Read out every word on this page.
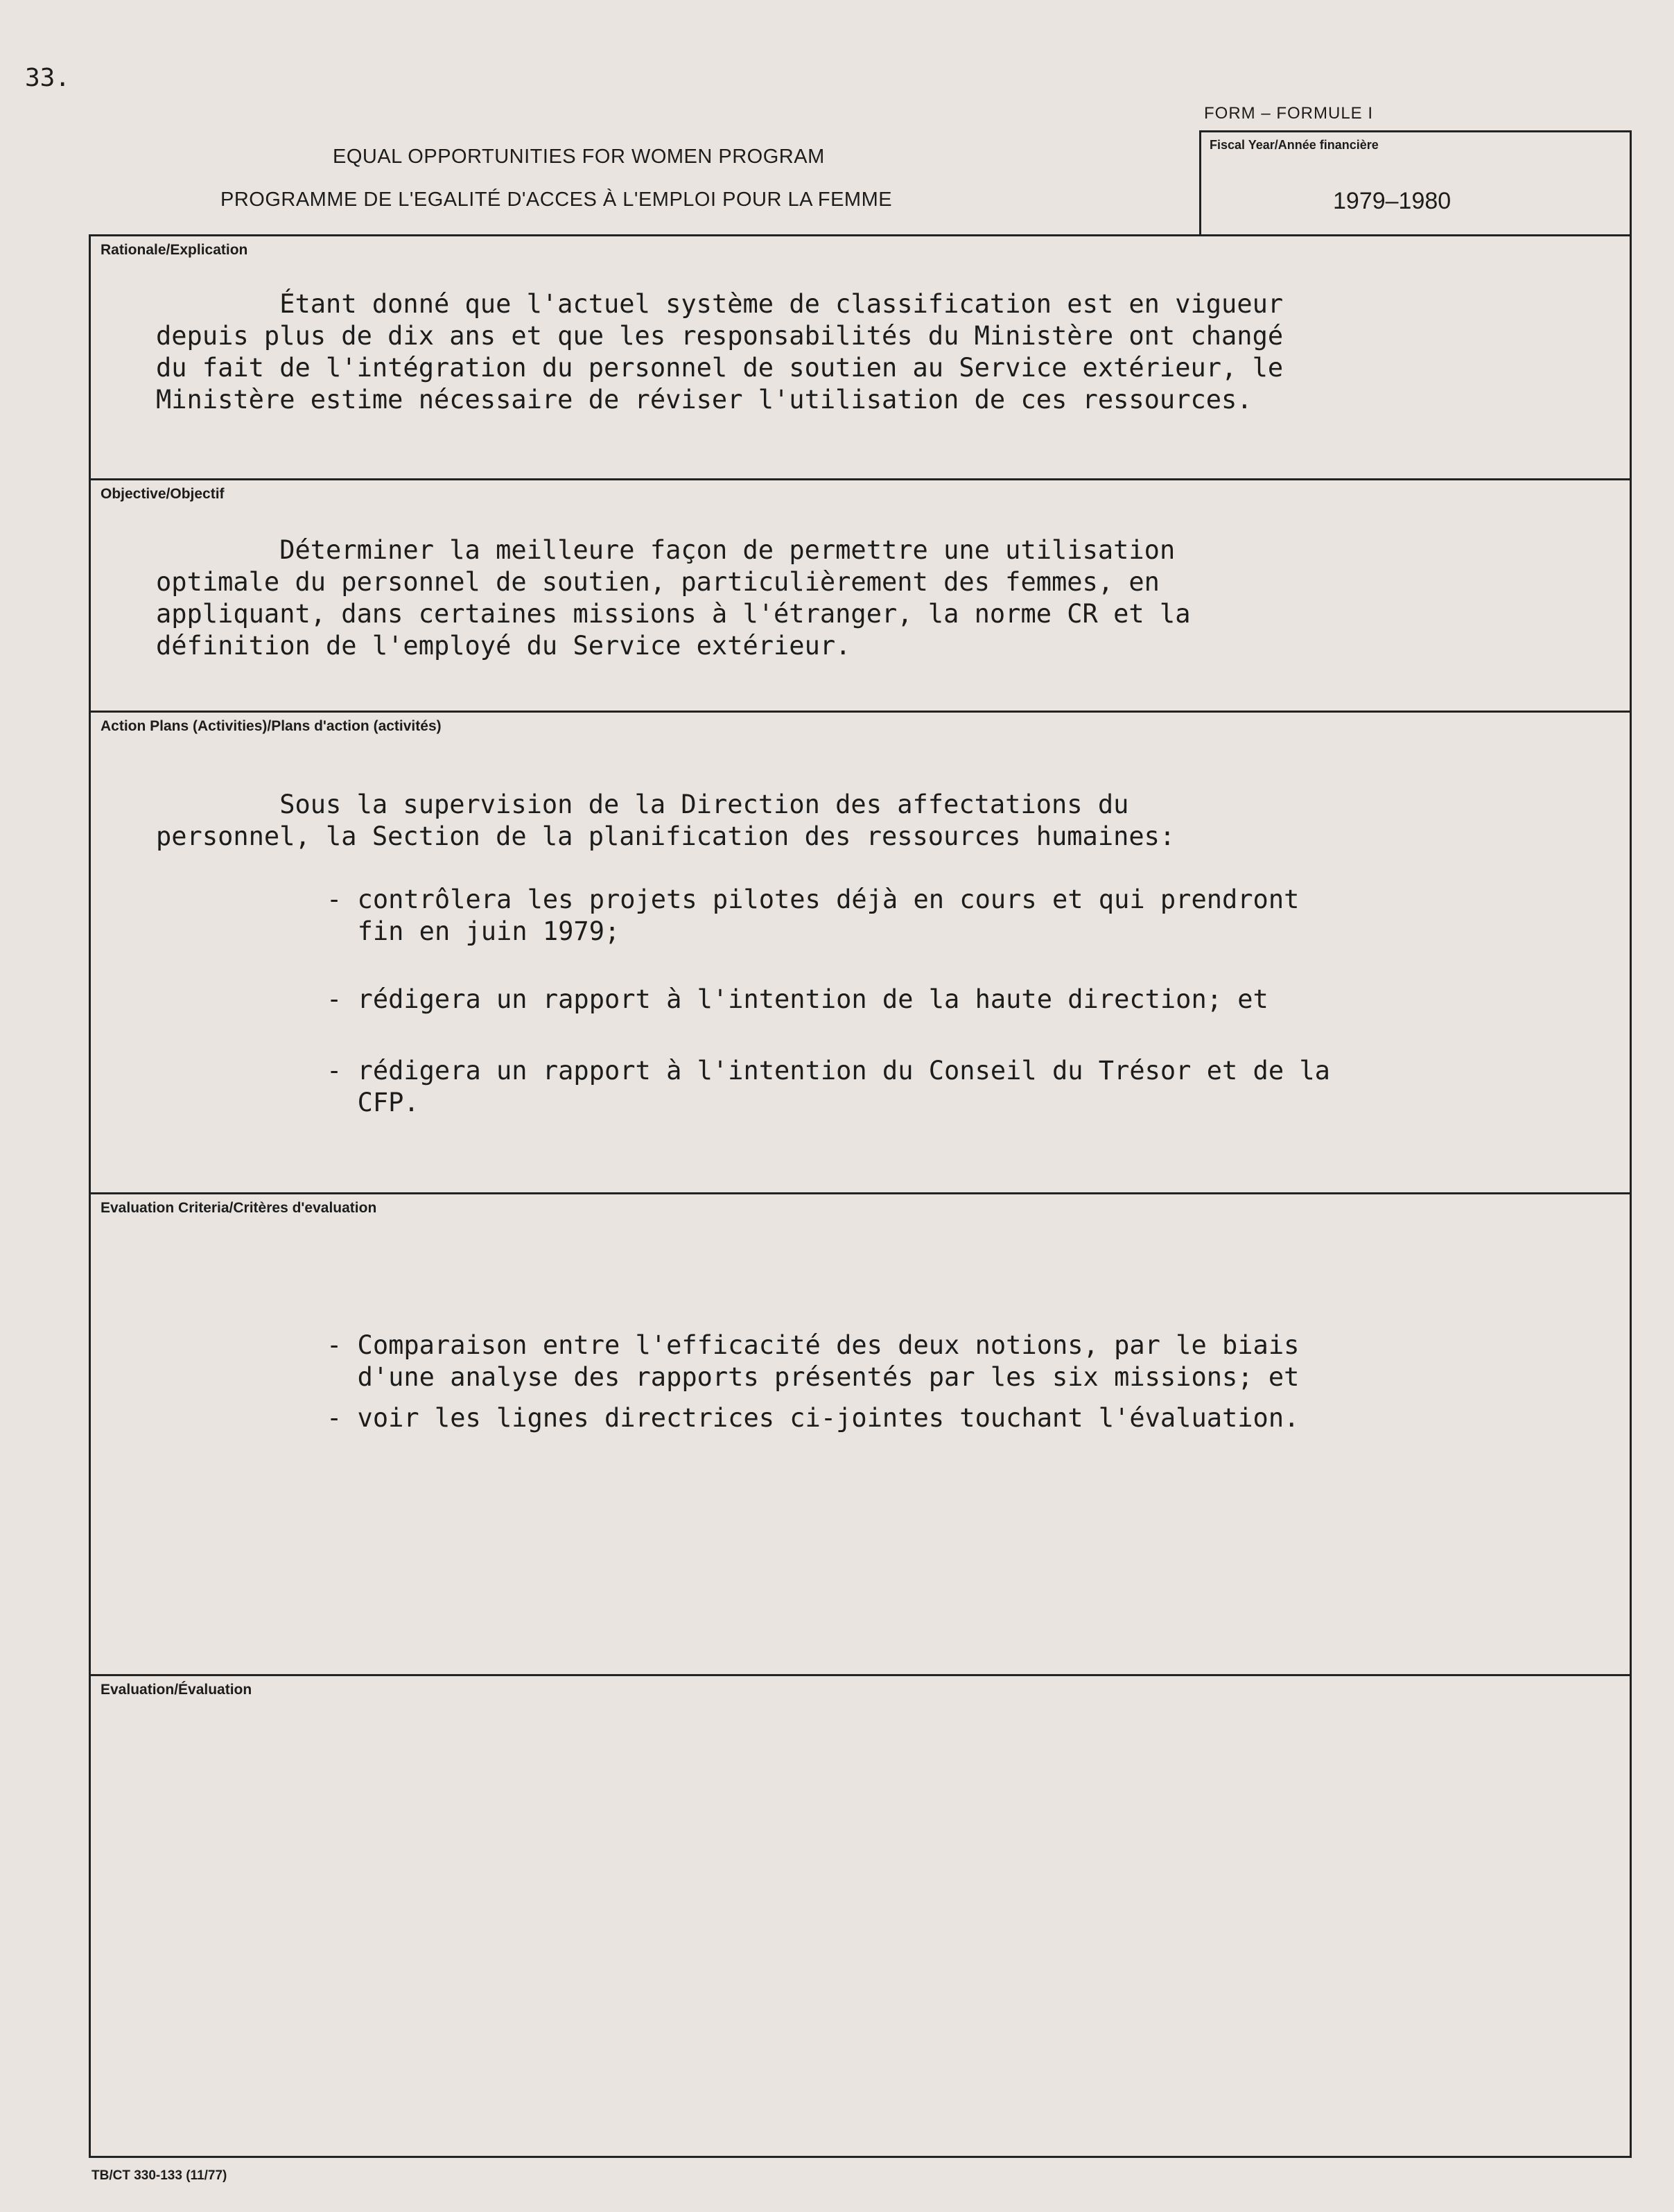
33.
FORM – FORMULE I
Fiscal Year/Année financière
1979–1980
EQUAL OPPORTUNITIES FOR WOMEN PROGRAM
PROGRAMME DE L'EGALITÉ D'ACCES À L'EMPLOI POUR LA FEMME
Rationale/Explication
Étant donné que l'actuel système de classification est en vigueur
depuis plus de dix ans et que les responsabilités du Ministère ont changé
du fait de l'intégration du personnel de soutien au Service extérieur, le
Ministère estime nécessaire de réviser l'utilisation de ces ressources.
Objective/Objectif
Déterminer la meilleure façon de permettre une utilisation
optimale du personnel de soutien, particulièrement des femmes, en
appliquant, dans certaines missions à l'étranger, la norme CR et la
définition de l'employé du Service extérieur.
Action Plans (Activities)/Plans d'action (activités)
Sous la supervision de la Direction des affectations du
personnel, la Section de la planification des ressources humaines:
- contrôlera les projets pilotes déjà en cours et qui prendront
fin en juin 1979;
- rédigera un rapport à l'intention de la haute direction; et
- rédigera un rapport à l'intention du Conseil du Trésor et de la
CFP.
Evaluation Criteria/Critères d'evaluation
- Comparaison entre l'efficacité des deux notions, par le biais
d'une analyse des rapports présentés par les six missions; et
- voir les lignes directrices ci-jointes touchant l'évaluation.
Evaluation/Évaluation
TB/CT 330-133 (11/77)
